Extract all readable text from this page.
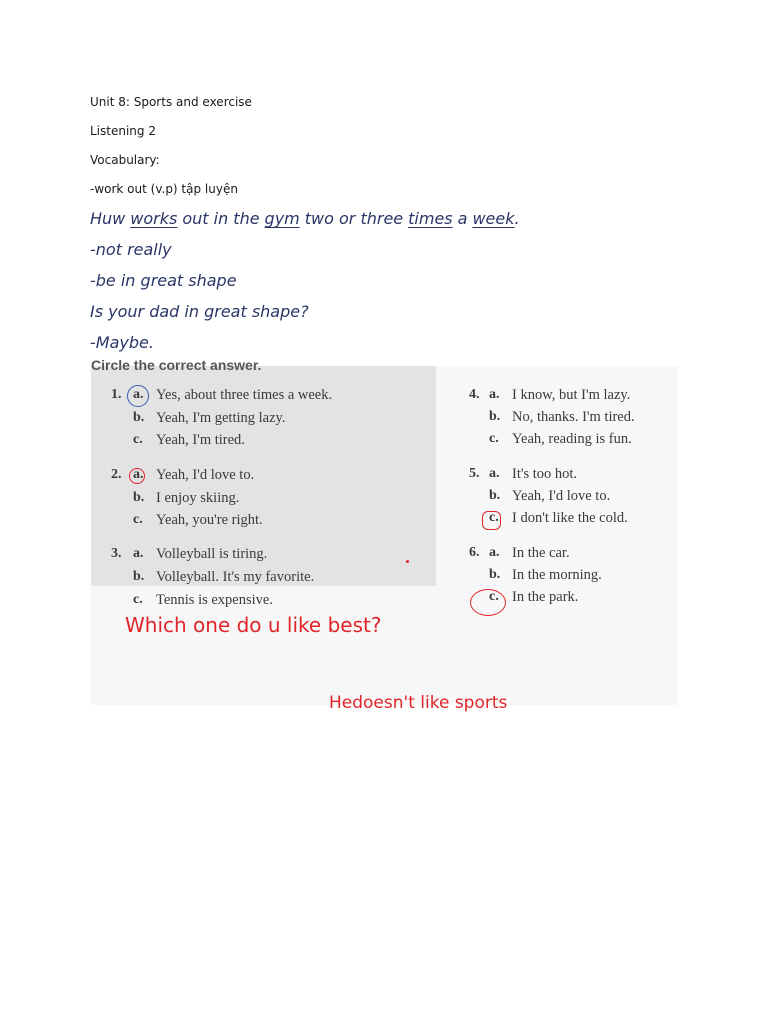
Unit 8: Sports and exercise
Listening 2
Vocabulary:
-work out (v.p) tập luyện
Huw works out in the gym two or three times a week.
-not really
-be in great shape
Is your dad in great shape?
-Maybe.
Circle the correct answer.
1. a. Yes, about three times a week.
b. Yeah, I'm getting lazy.
c. Yeah, I'm tired.
2. a. Yeah, I'd love to.
b. I enjoy skiing.
c. Yeah, you're right.
3. a. Volleyball is tiring.
b. Volleyball. It's my favorite.
c. Tennis is expensive.
4. a. I know, but I'm lazy.
b. No, thanks. I'm tired.
c. Yeah, reading is fun.
5. a. It's too hot.
b. Yeah, I'd love to.
c. I don't like the cold.
6. a. In the car.
b. In the morning.
c. In the park.
Which one do u like best?
Hedoesn't like sports
